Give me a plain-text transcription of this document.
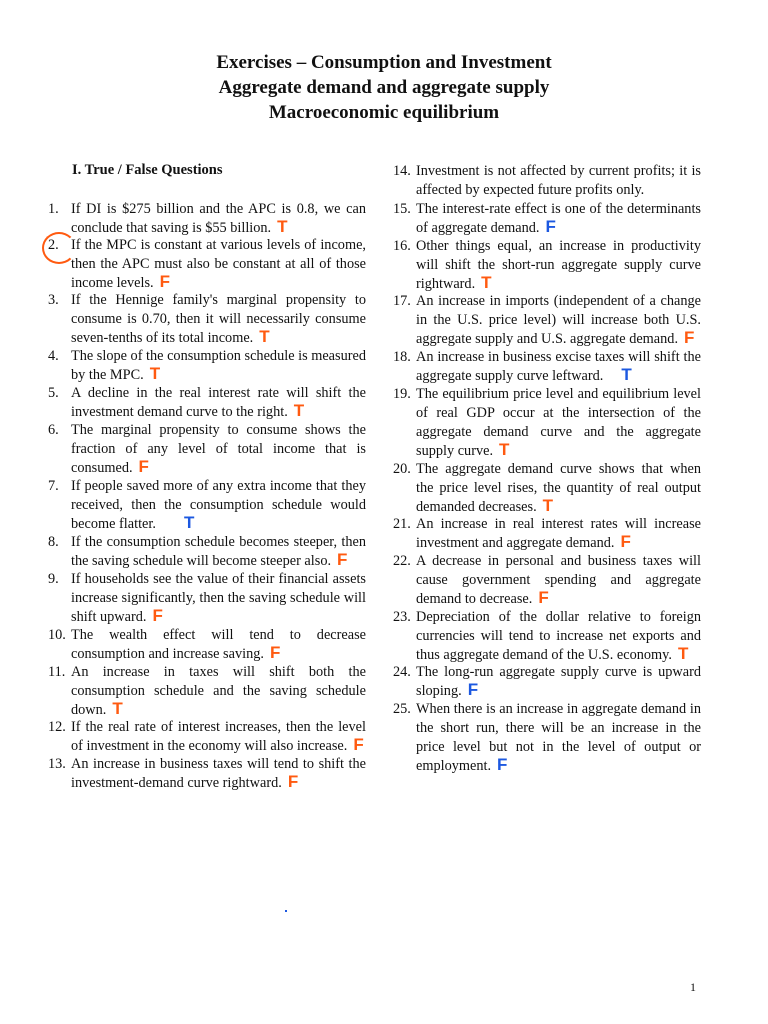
Exercises – Consumption and Investment
Aggregate demand and aggregate supply
Macroeconomic equilibrium
I. True / False Questions
1. If DI is $275 billion and the APC is 0.8, we can conclude that saving is $55 billion. T
2. If the MPC is constant at various levels of income, then the APC must also be constant at all of those income levels. F
3. If the Hennige family's marginal propensity to consume is 0.70, then it will necessarily consume seven-tenths of its total income. T
4. The slope of the consumption schedule is measured by the MPC. T
5. A decline in the real interest rate will shift the investment demand curve to the right. T
6. The marginal propensity to consume shows the fraction of any level of total income that is consumed. F
7. If people saved more of any extra income that they received, then the consumption schedule would become flatter. T
8. If the consumption schedule becomes steeper, then the saving schedule will become steeper also. F
9. If households see the value of their financial assets increase significantly, then the saving schedule will shift upward. F
10. The wealth effect will tend to decrease consumption and increase saving. F
11. An increase in taxes will shift both the consumption schedule and the saving schedule down. T
12. If the real rate of interest increases, then the level of investment in the economy will also increase. F
13. An increase in business taxes will tend to shift the investment-demand curve rightward. F
14. Investment is not affected by current profits; it is affected by expected future profits only.
15. The interest-rate effect is one of the determinants of aggregate demand. F
16. Other things equal, an increase in productivity will shift the short-run aggregate supply curve rightward. T
17. An increase in imports (independent of a change in the U.S. price level) will increase both U.S. aggregate supply and U.S. aggregate demand. F
18. An increase in business excise taxes will shift the aggregate supply curve leftward. T
19. The equilibrium price level and equilibrium level of real GDP occur at the intersection of the aggregate demand curve and the aggregate supply curve. T
20. The aggregate demand curve shows that when the price level rises, the quantity of real output demanded decreases. T
21. An increase in real interest rates will increase investment and aggregate demand. F
22. A decrease in personal and business taxes will cause government spending and aggregate demand to decrease. F
23. Depreciation of the dollar relative to foreign currencies will tend to increase net exports and thus aggregate demand of the U.S. economy. T
24. The long-run aggregate supply curve is upward sloping. F
25. When there is an increase in aggregate demand in the short run, there will be an increase in the price level but not in the level of output or employment. F
1
